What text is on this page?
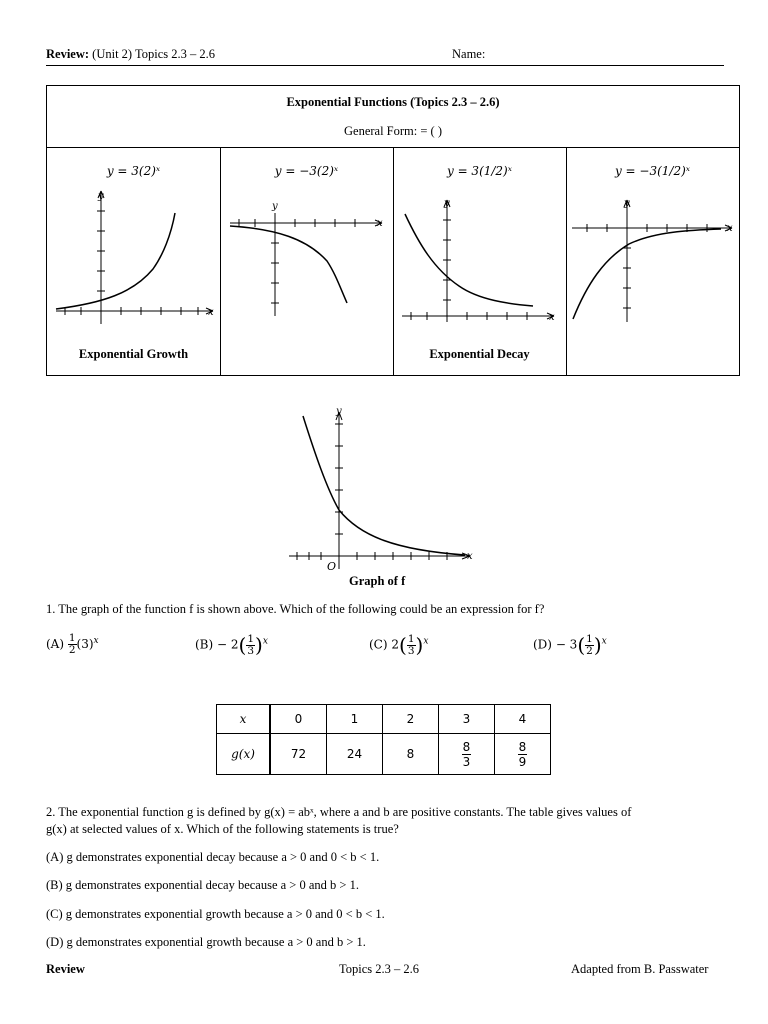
Review: (Unit 2) Topics 2.3 – 2.6	Name:
Exponential Functions (Topics 2.3 – 2.6)
General Form: = ( )
y = 3(2)ˣ	y = −3(2)ˣ	y = 3(1/2)ˣ	y = −3(1/2)ˣ
y
x
y
x
y
x
y
x
Exponential Growth	Exponential Decay
y
x
O
Graph of f
1. The graph of the function f is shown above. Which of the following could be an expression for f?
$(A) \frac{1}{2} (3)^x$	$(B) - 2( \frac{1}{3} )^x$	(C) $2( \frac{1}{3} )^x$	$(D) - 3( \frac{1}{2} )^x$
x	0	1	2	3	4
g(x)	72	24	8	$\frac{8}{3}$	$\frac{8}{9}$
2. The exponential function g is defined by g(x) = abˣ, where a and b are positive constants. The table gives values of
g(x) at selected values of x. Which of the following statements is true?
(A) g demonstrates exponential decay because a > 0 and 0 < b < 1.
(B) g demonstrates exponential decay because a > 0 and b > 1.
(C) g demonstrates exponential growth because a > 0 and 0 < b < 1.
(D) g demonstrates exponential growth because a > 0 and b > 1.
Review	Topics 2.3 – 2.6	Adapted from B. Passwater
